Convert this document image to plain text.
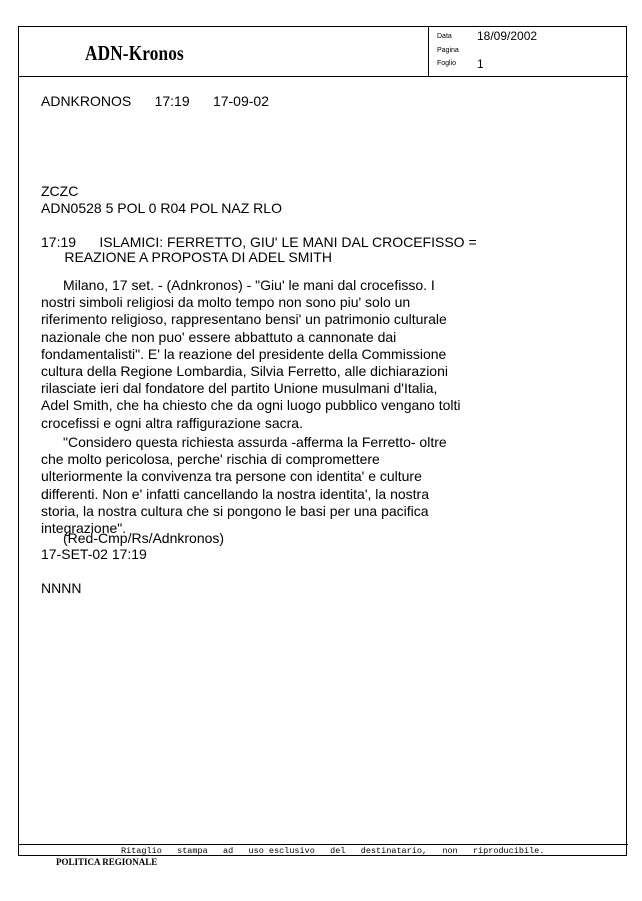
ADN-Kronos
Data 18/09/2002
Pagina
Foglio 1
ADNKRONOS      17:19      17-09-02
ZCZC
ADN0528 5 POL 0 R04 POL NAZ RLO
17:19      ISLAMICI: FERRETTO, GIU' LE MANI DAL CROCEFISSO =
REAZIONE A PROPOSTA DI ADEL SMITH
Milano, 17 set. - (Adnkronos) - "Giu' le mani dal crocefisso. I nostri simboli religiosi da molto tempo non sono piu' solo un riferimento religioso, rappresentano bensi' un patrimonio culturale nazionale che non puo' essere abbattuto a cannonate dai fondamentalisti". E' la reazione del presidente della Commissione cultura della Regione Lombardia, Silvia Ferretto, alle dichiarazioni rilasciate ieri dal fondatore del partito Unione musulmani d'Italia, Adel Smith, che ha chiesto che da ogni luogo pubblico vengano tolti crocefissi e ogni altra raffigurazione sacra.
"Considero questa richiesta assurda -afferma la Ferretto- oltre che molto pericolosa, perche' rischia di compromettere ulteriormente la convivenza tra persone con identita' e culture differenti. Non e' infatti cancellando la nostra identita', la nostra storia, la nostra cultura che si pongono le basi per una pacifica integrazione".
(Red-Cmp/Rs/Adnkronos)
17-SET-02 17:19
NNNN
Ritaglio   stampa   ad   uso esclusivo   del   destinatario,   non   riproducibile.
POLITICA REGIONALE
